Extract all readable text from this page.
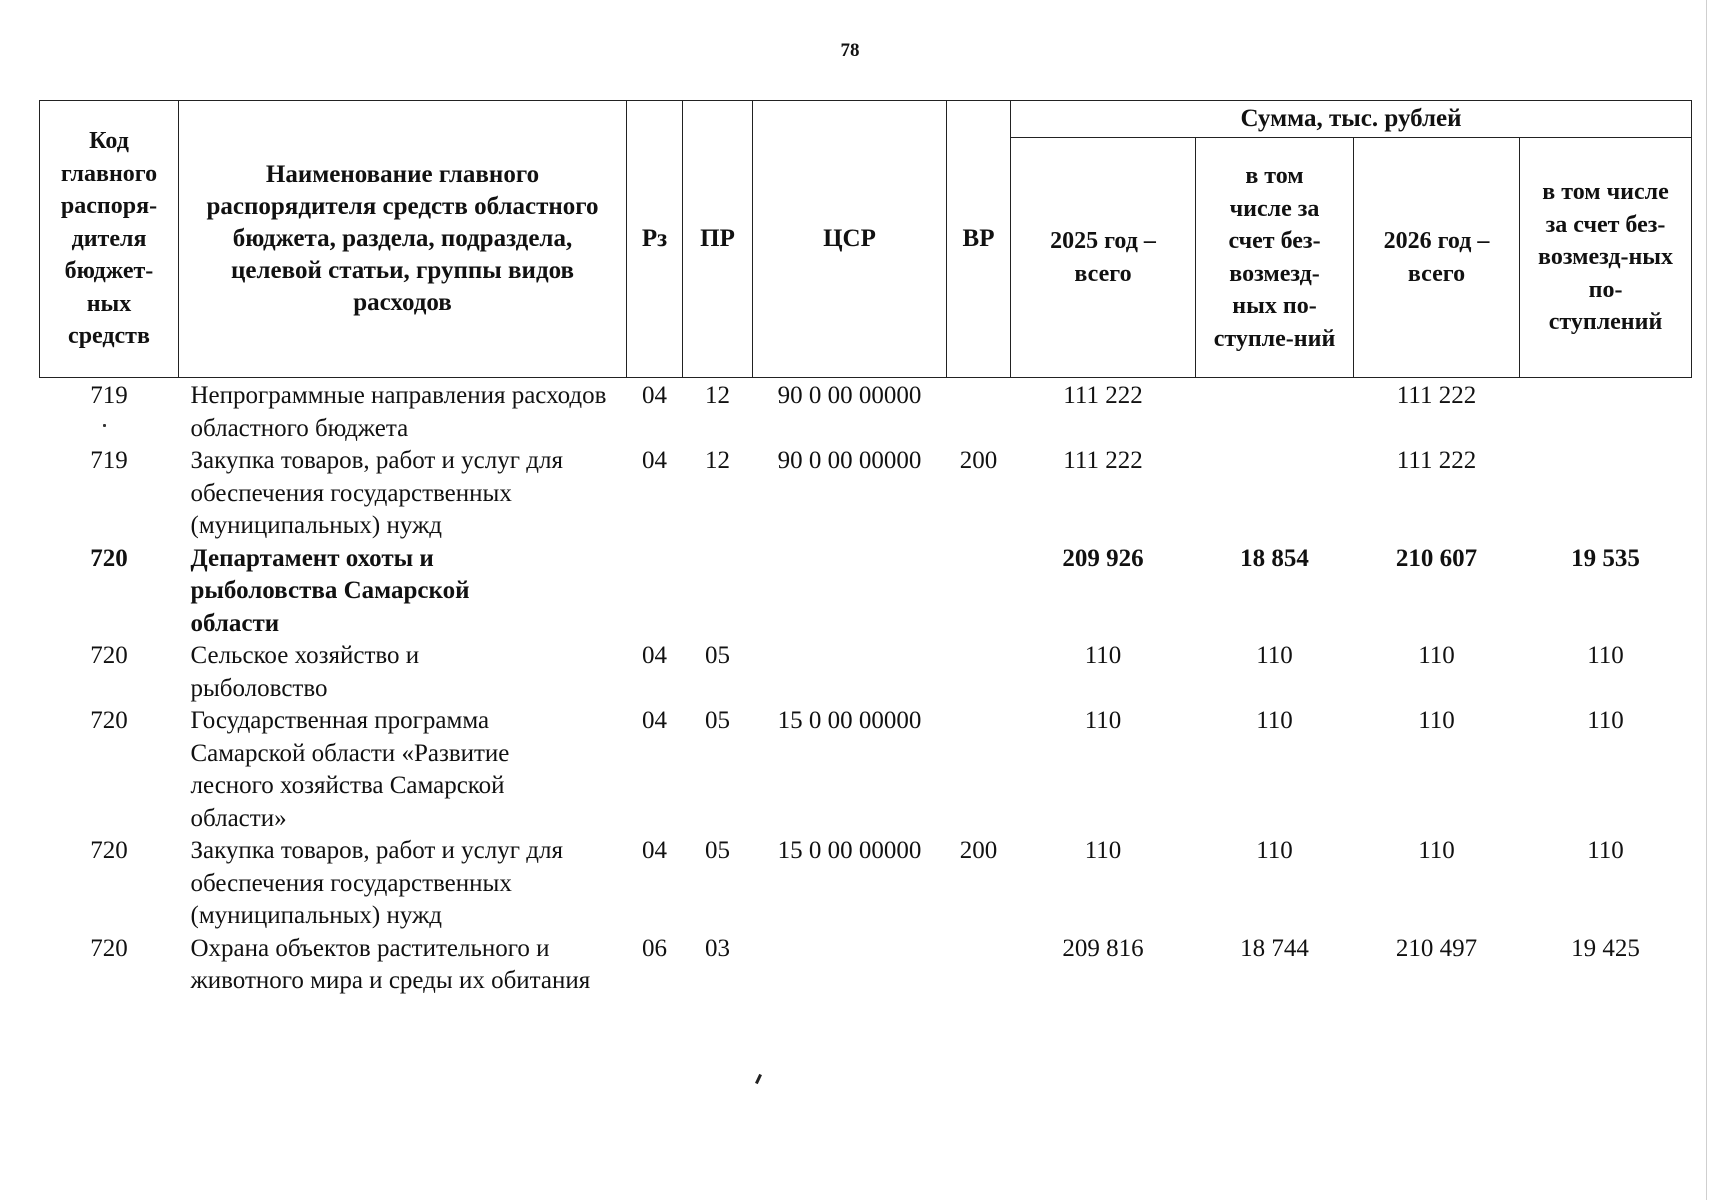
78
Код главного распоря-дителя бюджет-ных средств	Наименование главного распорядителя средств областного бюджета, раздела, подраздела, целевой статьи, группы видов расходов	Рз	ПР	ЦСР	ВР	Сумма, тыс. рублей			
						2025 год – всего	в том числе за счет без-возмезд-ных по-ступле-ний	2026 год – всего	в том числе за счет без-возмезд-ных по-ступлений
719	Непрограммные направления расходов областного бюджета	04	12	90 0 00 00000		111 222		111 222	
719	Закупка товаров, работ и услуг для обеспечения государственных (муниципальных) нужд	04	12	90 0 00 00000	200	111 222		111 222	
720	Департамент охоты и рыболовства Самарской области					209 926	18 854	210 607	19 535
720	Сельское хозяйство и рыболовство	04	05			110	110	110	110
720	Государственная программа Самарской области «Развитие лесного хозяйства Самарской области»	04	05	15 0 00 00000		110	110	110	110
720	Закупка товаров, работ и услуг для обеспечения государственных (муниципальных) нужд	04	05	15 0 00 00000	200	110	110	110	110
720	Охрана объектов растительного и животного мира и среды их обитания	06	03			209 816	18 744	210 497	19 425
